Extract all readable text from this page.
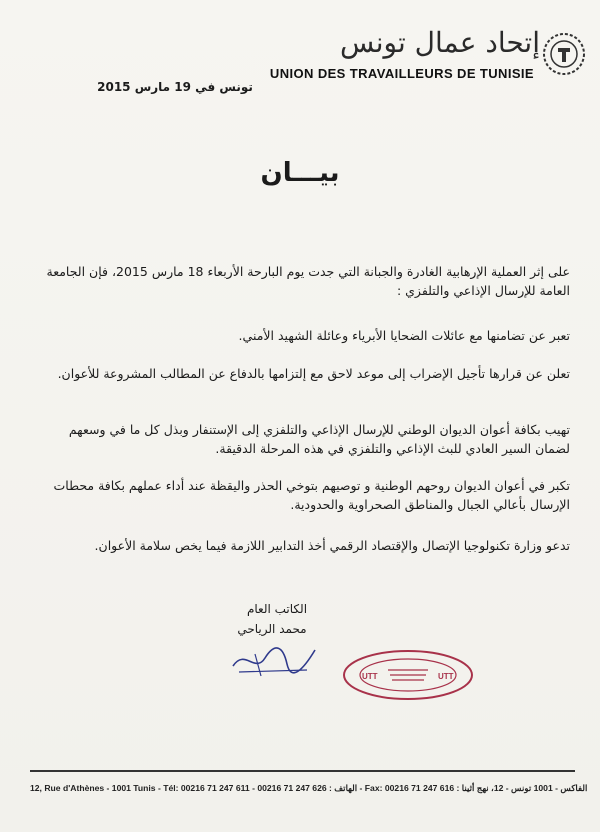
إتحاد عمال تونس
UNION DES TRAVAILLEURS DE TUNISIE
تونس في 19 مارس 2015
بيـــان
على إثر العملية الإرهابية الغادرة والجبانة التي جدت يوم البارحة الأربعاء 18 مارس 2015، فإن الجامعة العامة للإرسال الإذاعي والتلفزي :
تعبر عن تضامنها مع عائلات الضحايا الأبرياء وعائلة الشهيد الأمني.
تعلن عن قرارها تأجيل الإضراب إلى موعد لاحق مع إلتزامها بالدفاع عن المطالب المشروعة للأعوان.
تهيب بكافة أعوان الديوان الوطني للإرسال الإذاعي والتلفزي إلى الإستنفار وبذل كل ما في وسعهم لضمان السير العادي للبث الإذاعي والتلفزي في هذه المرحلة الدقيقة.
تكبر في أعوان الديوان روحهم الوطنية و توصيهم بتوخي الحذر واليقظة عند أداء عملهم بكافة محطات الإرسال بأعالي الجبال والمناطق الصحراوية والحدودية.
تدعو وزارة تكنولوجيا الإتصال والإقتصاد الرقمي أخذ التدابير اللازمة فيما يخص سلامة الأعوان.
الكاتب العام
محمد الرياحي
UTT	UTT
12, Rue d'Athènes - 1001 Tunis - Tél: 00216 71 247 611 - 00216 71 247 626 : الهاتف - Fax: 00216 71 247 616 : الفاكس - 1001 تونس - 12، نهج أثينا
